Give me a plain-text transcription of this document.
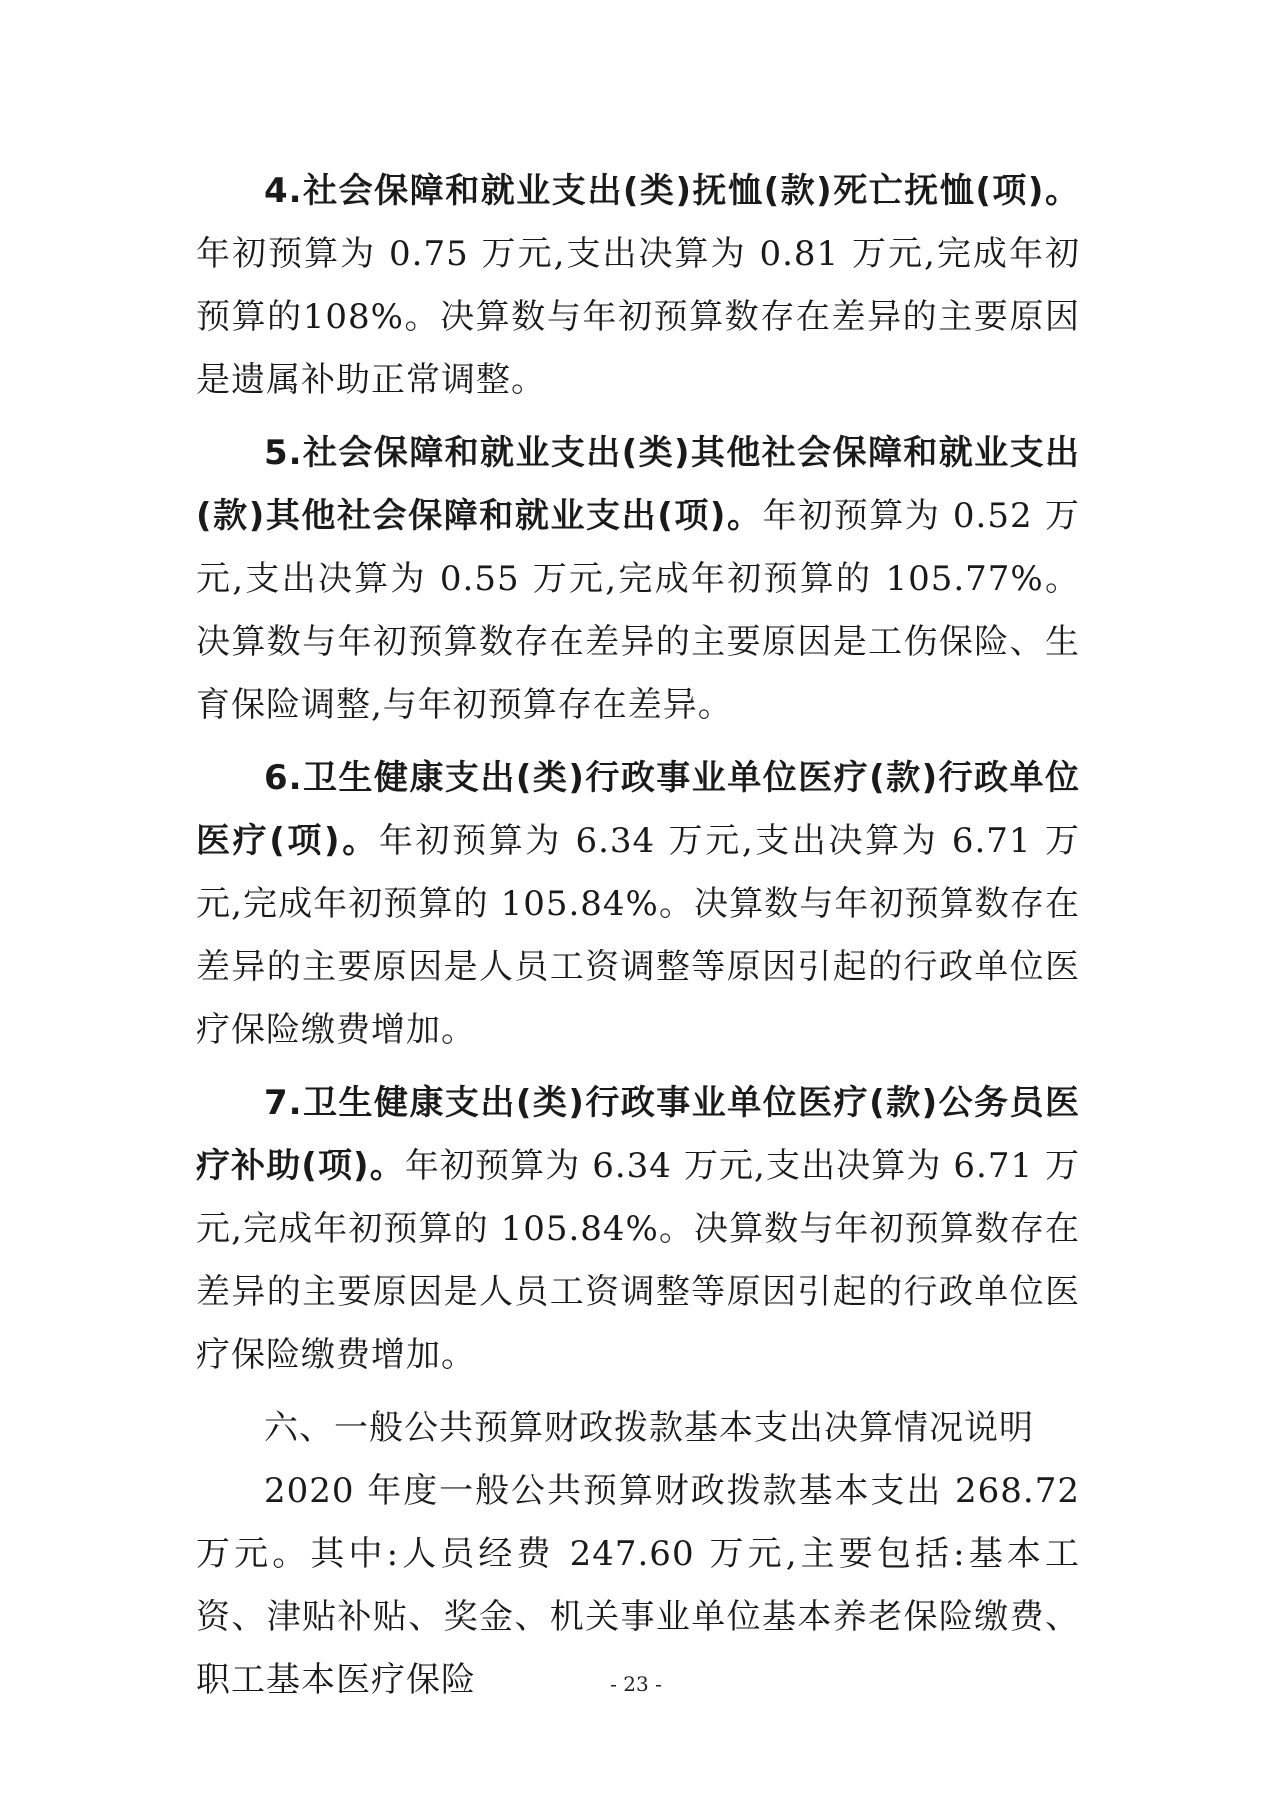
4.社会保障和就业支出(类)抚恤(款)死亡抚恤(项)。年初预算为 0.75 万元,支出决算为 0.81 万元,完成年初预算的108%。决算数与年初预算数存在差异的主要原因是遗属补助正常调整。

5.社会保障和就业支出(类)其他社会保障和就业支出(款)其他社会保障和就业支出(项)。年初预算为 0.52 万元,支出决算为 0.55 万元,完成年初预算的 105.77%。决算数与年初预算数存在差异的主要原因是工伤保险、生育保险调整,与年初预算存在差异。

6.卫生健康支出(类)行政事业单位医疗(款)行政单位医疗(项)。年初预算为 6.34 万元,支出决算为 6.71 万元,完成年初预算的 105.84%。决算数与年初预算数存在差异的主要原因是人员工资调整等原因引起的行政单位医疗保险缴费增加。

7.卫生健康支出(类)行政事业单位医疗(款)公务员医疗补助(项)。年初预算为 6.34 万元,支出决算为 6.71 万元,完成年初预算的 105.84%。决算数与年初预算数存在差异的主要原因是人员工资调整等原因引起的行政单位医疗保险缴费增加。

六、一般公共预算财政拨款基本支出决算情况说明

2020 年度一般公共预算财政拨款基本支出 268.72 万元。其中:人员经费 247.60 万元,主要包括:基本工资、津贴补贴、奖金、机关事业单位基本养老保险缴费、职工基本医疗保险	- 23 -
